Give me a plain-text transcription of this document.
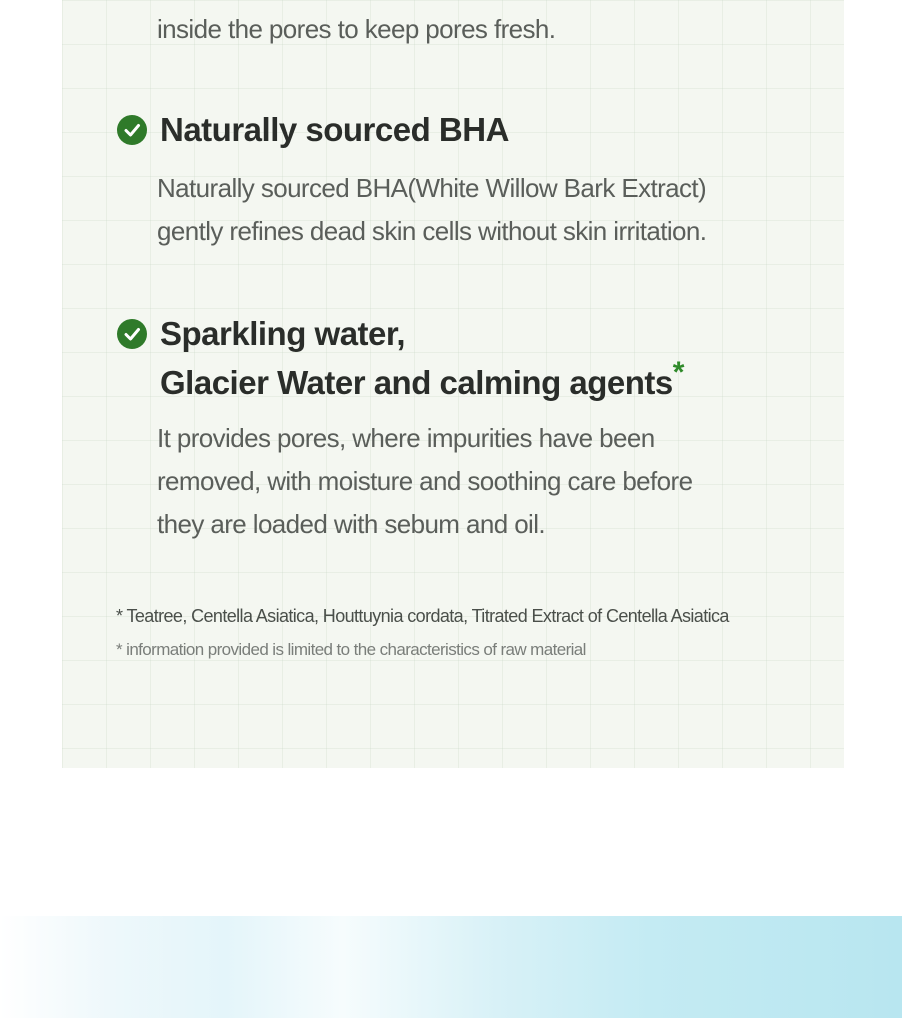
inside the pores to keep pores fresh.

Naturally sourced BHA

Naturally sourced BHA(White Willow Bark Extract)

gently refines dead skin cells without skin irritation.

Sparkling water,
Glacier Water and calming agents*

It provides pores, where impurities have been

removed, with moisture and soothing care before

they are loaded with sebum and oil.

* Teatree, Centella Asiatica, Houttuynia cordata, Titrated Extract of Centella Asiatica

* information provided is limited to the characteristics of raw material
